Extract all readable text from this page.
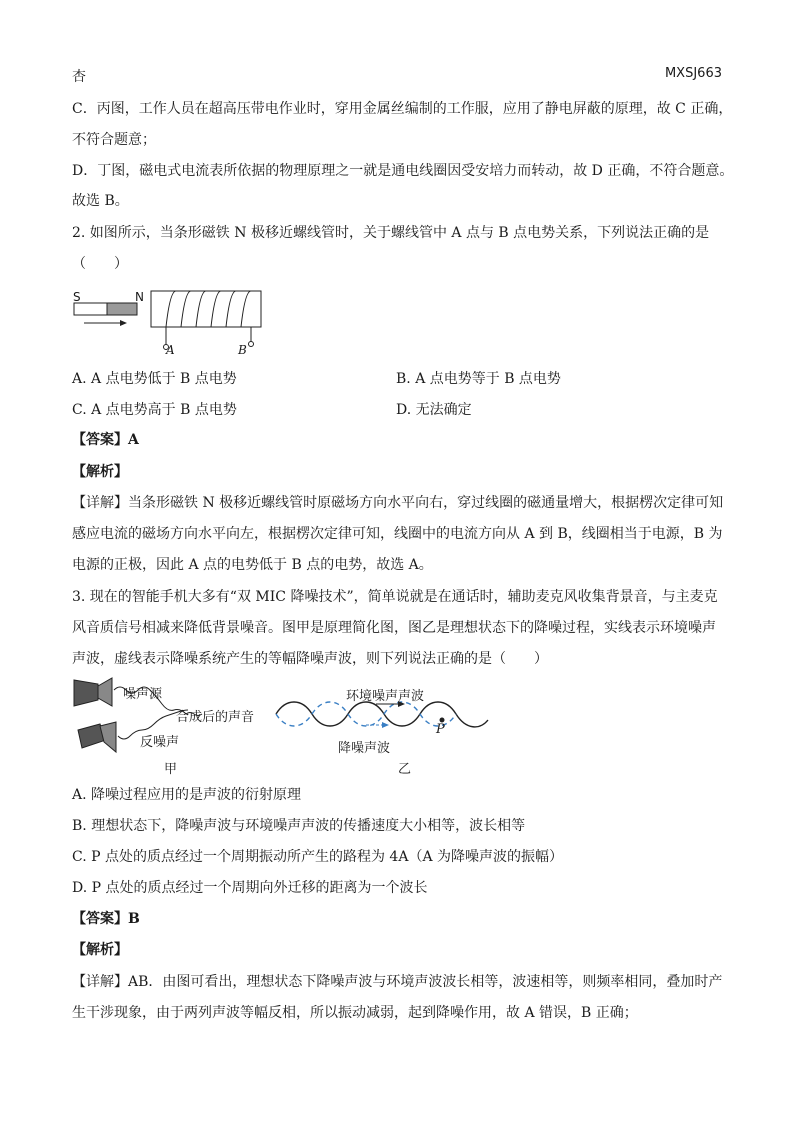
杏	MXSJ663
C．丙图，工作人员在超高压带电作业时，穿用金属丝编制的工作服，应用了静电屏蔽的原理，故 C 正确，
不符合题意；
D．丁图，磁电式电流表所依据的物理原理之一就是通电线圈因受安培力而转动，故 D 正确，不符合题意。
故选 B。
2. 如图所示，当条形磁铁 N 极移近螺线管时，关于螺线管中 A 点与 B 点电势关系，下列说法正确的是
（　　）
S	N
A	B
A. A 点电势低于 B 点电势	B. A 点电势等于 B 点电势
C. A 点电势高于 B 点电势	D. 无法确定
【答案】A
【解析】
【详解】当条形磁铁 N 极移近螺线管时原磁场方向水平向右，穿过线圈的磁通量增大，根据楞次定律可知
感应电流的磁场方向水平向左，根据楞次定律可知，线圈中的电流方向从 A 到 B，线圈相当于电源，B 为
电源的正极，因此 A 点的电势低于 B 点的电势，故选 A。
3. 现在的智能手机大多有“双 MIC 降噪技术”，简单说就是在通话时，辅助麦克风收集背景音，与主麦克
风音质信号相减来降低背景噪音。图甲是原理简化图，图乙是理想状态下的降噪过程，实线表示环境噪声
声波，虚线表示降噪系统产生的等幅降噪声波，则下列说法正确的是（　　）
噪声源
合成后的声音
反噪声
甲
环境噪声声波
降噪声波
P
乙
A. 降噪过程应用的是声波的衍射原理
B. 理想状态下，降噪声波与环境噪声声波的传播速度大小相等，波长相等
C. P 点处的质点经过一个周期振动所产生的路程为 4A（A 为降噪声波的振幅）
D. P 点处的质点经过一个周期向外迁移的距离为一个波长
【答案】B
【解析】
【详解】AB．由图可看出，理想状态下降噪声波与环境声波波长相等，波速相等，则频率相同，叠加时产
生干涉现象，由于两列声波等幅反相，所以振动减弱，起到降噪作用，故 A 错误，B 正确；
